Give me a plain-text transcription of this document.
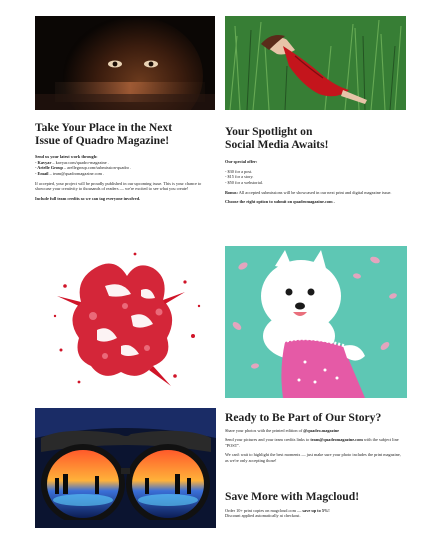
Take Your Place in the Next
Issue of Quadro Magazine!
Send us your latest work through:
- Kavyar – kavyar.com/quadro-magazine .
- Arielle Group – arellegroup.com/submission-quadro .
- Email – team@quadromagazine.com .
If accepted, your project will be proudly published in our upcoming issue. This is your chance to showcase your creativity to thousands of readers — we're excited to see what you create!
Include full team credits so we can tag everyone involved.
Your Spotlight on
Social Media Awaits!
Our special offer:
- $30 for a post.
- $15 for a story.
- $50 for a webstorial.
Bonus: All accepted submissions will be showcased in our next print and digital magazine issue.
Choose the right option to submit on quadromagazine.com .
Ready to Be Part of Our Story?
Share your photos with the printed edition of @quadro.magazine
Send your pictures and your team credits links to team@quadromagazine.com with the subject line "POST".
We can't wait to highlight the best moments — just make sure your photo includes the print magazine, as we're only accepting those!
Save More with Magcloud!
Order 10+ print copies on magcloud.com — save up to 5%!
Discount applied automatically at checkout.
